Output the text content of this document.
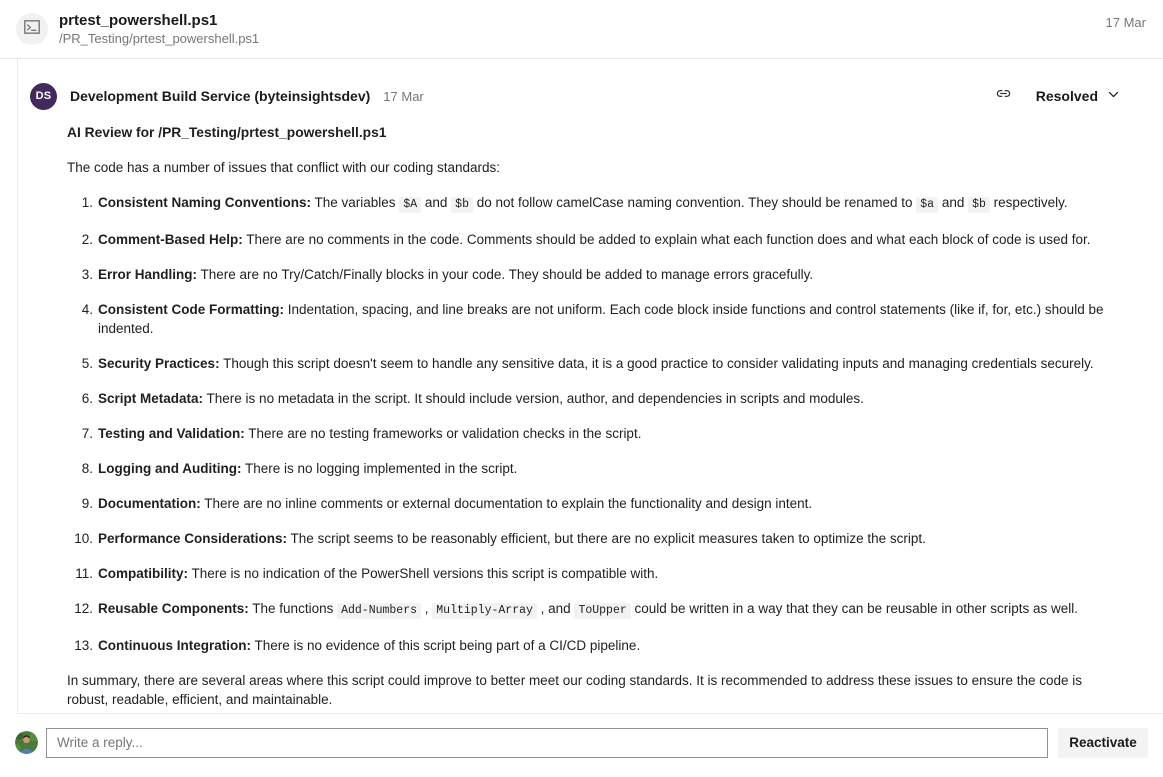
prtest_powershell.ps1
/PR_Testing/prtest_powershell.ps1
17 Mar
DS	Development Build Service (byteinsightsdev) 17 Mar	Resolved
AI Review for /PR_Testing/prtest_powershell.ps1
The code has a number of issues that conflict with our coding standards:
1. Consistent Naming Conventions: The variables $A and $b do not follow camelCase naming convention. They should be renamed to $a and $b respectively.
2. Comment-Based Help: There are no comments in the code. Comments should be added to explain what each function does and what each block of code is used for.
3. Error Handling: There are no Try/Catch/Finally blocks in your code. They should be added to manage errors gracefully.
4. Consistent Code Formatting: Indentation, spacing, and line breaks are not uniform. Each code block inside functions and control statements (like if, for, etc.) should be indented.
5. Security Practices: Though this script doesn't seem to handle any sensitive data, it is a good practice to consider validating inputs and managing credentials securely.
6. Script Metadata: There is no metadata in the script. It should include version, author, and dependencies in scripts and modules.
7. Testing and Validation: There are no testing frameworks or validation checks in the script.
8. Logging and Auditing: There is no logging implemented in the script.
9. Documentation: There are no inline comments or external documentation to explain the functionality and design intent.
10. Performance Considerations: The script seems to be reasonably efficient, but there are no explicit measures taken to optimize the script.
11. Compatibility: There is no indication of the PowerShell versions this script is compatible with.
12. Reusable Components: The functions Add-Numbers , Multiply-Array , and ToUpper could be written in a way that they can be reusable in other scripts as well.
13. Continuous Integration: There is no evidence of this script being part of a CI/CD pipeline.
In summary, there are several areas where this script could improve to better meet our coding standards. It is recommended to address these issues to ensure the code is robust, readable, efficient, and maintainable.
Write a reply...
Reactivate
